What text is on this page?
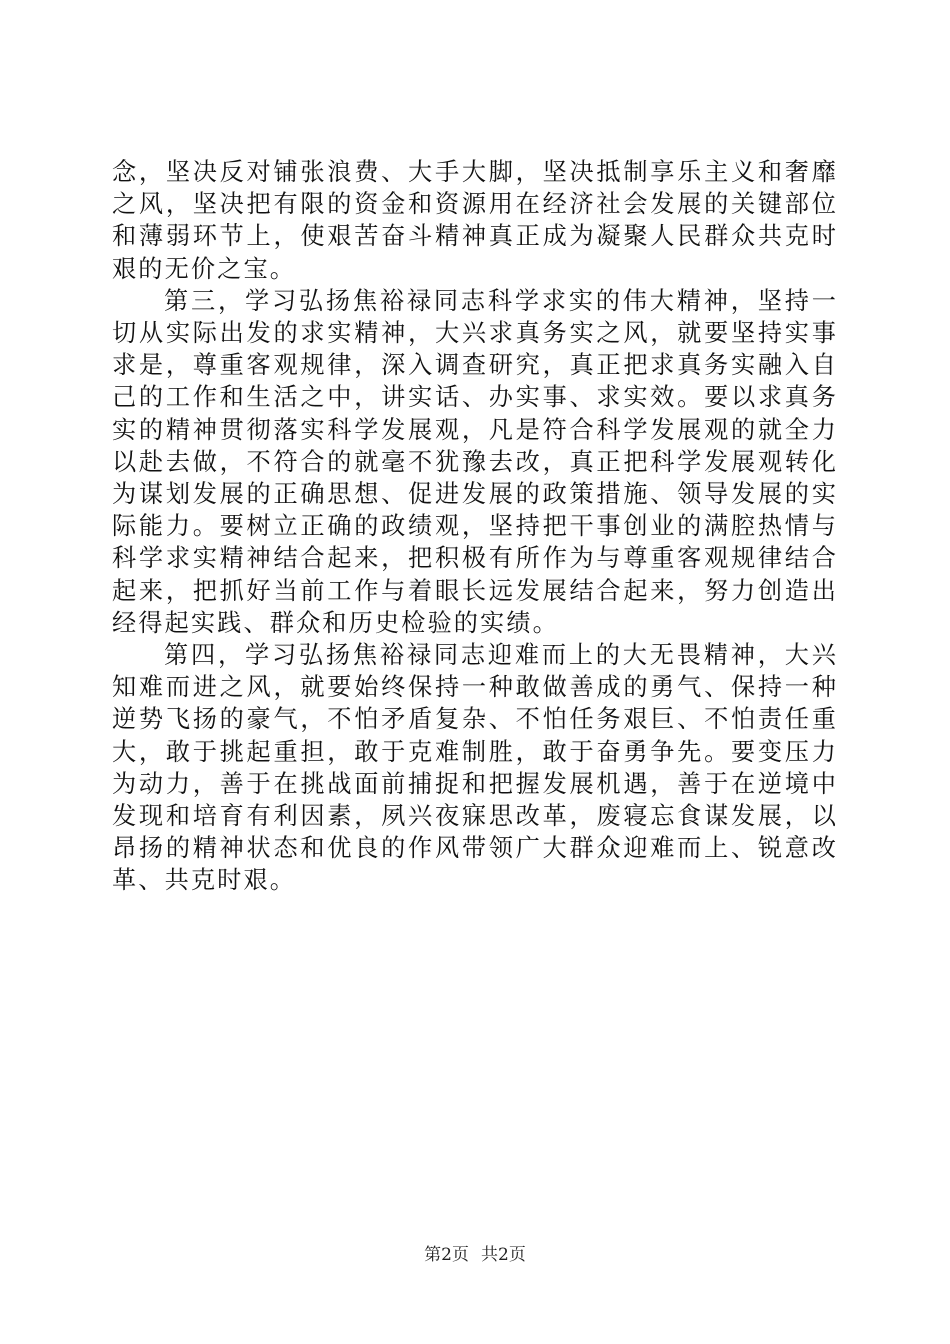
念，坚决反对铺张浪费、大手大脚，坚决抵制享乐主义和奢靡之风，坚决把有限的资金和资源用在经济社会发展的关键部位和薄弱环节上，使艰苦奋斗精神真正成为凝聚人民群众共克时艰的无价之宝。

第三，学习弘扬焦裕禄同志科学求实的伟大精神，坚持一切从实际出发的求实精神，大兴求真务实之风，就要坚持实事求是，尊重客观规律，深入调查研究，真正把求真务实融入自己的工作和生活之中，讲实话、办实事、求实效。要以求真务实的精神贯彻落实科学发展观，凡是符合科学发展观的就全力以赴去做，不符合的就毫不犹豫去改，真正把科学发展观转化为谋划发展的正确思想、促进发展的政策措施、领导发展的实际能力。要树立正确的政绩观，坚持把干事创业的满腔热情与科学求实精神结合起来，把积极有所作为与尊重客观规律结合起来，把抓好当前工作与着眼长远发展结合起来，努力创造出经得起实践、群众和历史检验的实绩。

第四，学习弘扬焦裕禄同志迎难而上的大无畏精神，大兴知难而进之风，就要始终保持一种敢做善成的勇气、保持一种逆势飞扬的豪气，不怕矛盾复杂、不怕任务艰巨、不怕责任重大，敢于挑起重担，敢于克难制胜，敢于奋勇争先。要变压力为动力，善于在挑战面前捕捉和把握发展机遇，善于在逆境中发现和培育有利因素，夙兴夜寐思改革，废寝忘食谋发展，以昂扬的精神状态和优良的作风带领广大群众迎难而上、锐意改革、共克时艰。

第2页 共2页
